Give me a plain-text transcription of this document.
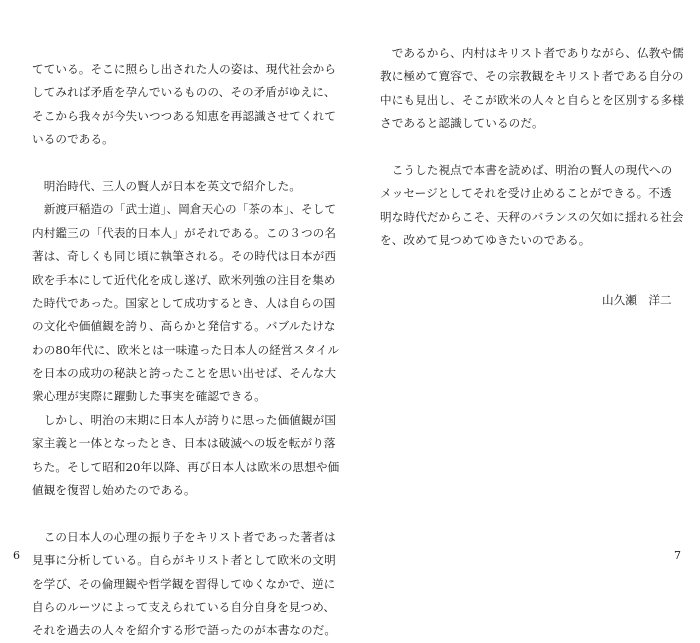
てている。そこに照らし出された人の姿は、現代社会から
してみれば矛盾を孕んでいるものの、その矛盾がゆえに、
そこから我々が今失いつつある知恵を再認識させてくれて
いるのである。
　明治時代、三人の賢人が日本を英文で紹介した。
　新渡戸稲造の「武士道」、岡倉天心の「茶の本」、そして
内村鑑三の「代表的日本人」がそれである。この３つの名
著は、奇しくも同じ頃に執筆される。その時代は日本が西
欧を手本にして近代化を成し遂げ、欧米列強の注目を集め
た時代であった。国家として成功するとき、人は自らの国
の文化や価値観を誇り、高らかと発信する。バブルたけな
わの80年代に、欧米とは一味違った日本人の経営スタイル
を日本の成功の秘訣と誇ったことを思い出せば、そんな大
衆心理が実際に躍動した事実を確認できる。
　しかし、明治の末期に日本人が誇りに思った価値観が国
家主義と一体となったとき、日本は破滅への坂を転がり落
ちた。そして昭和20年以降、再び日本人は欧米の思想や価
値観を復習し始めたのである。
　この日本人の心理の振り子をキリスト者であった著者は
見事に分析している。自らがキリスト者として欧米の文明
を学び、その倫理観や哲学観を習得してゆくなかで、逆に
自らのルーツによって支えられている自分自身を見つめ、
それを過去の人々を紹介する形で語ったのが本書なのだ。
6
　であるから、内村はキリスト者でありながら、仏教や儒
教に極めて寛容で、その宗教観をキリスト者である自分の
中にも見出し、そこが欧米の人々と自らとを区別する多様
さであると認識しているのだ。
　こうした視点で本書を読めば、明治の賢人の現代への
メッセージとしてそれを受け止めることができる。不透
明な時代だからこそ、天秤のバランスの欠如に揺れる社会
を、改めて見つめてゆきたいのである。
山久瀬　洋二
7
